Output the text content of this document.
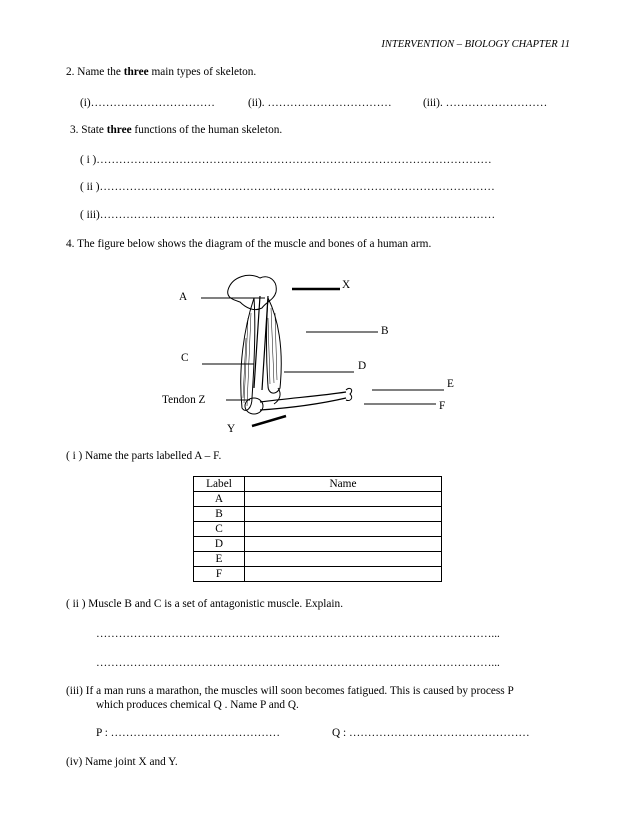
INTERVENTION – BIOLOGY CHAPTER 11
2. Name the three main types of skeleton.
(i)……………………………	(ii). ……………………………	(iii). ………………………
3. State three functions of the human skeleton.
( i )……………………………………………………………………………………………
( ii )……………………………………………………………………………………………
( iii)……………………………………………………………………………………………
4. The figure below shows the diagram of the muscle and bones of a human arm.
A
X
B
C
D
E
F
Tendon Z
Y
( i ) Name the parts labelled A – F.
Label	Name
A	
B	
C	
D	
E	
F	
( ii ) Muscle B and C is a set of antagonistic muscle. Explain.
……………………………………………………………………………………………...
……………………………………………………………………………………………...
(iii) If a man runs a marathon, the muscles will soon becomes fatigued. This is caused by process P
which produces chemical Q . Name P and Q.
P : ………………………………………	Q : …………………………………………
(iv) Name joint X and Y.
